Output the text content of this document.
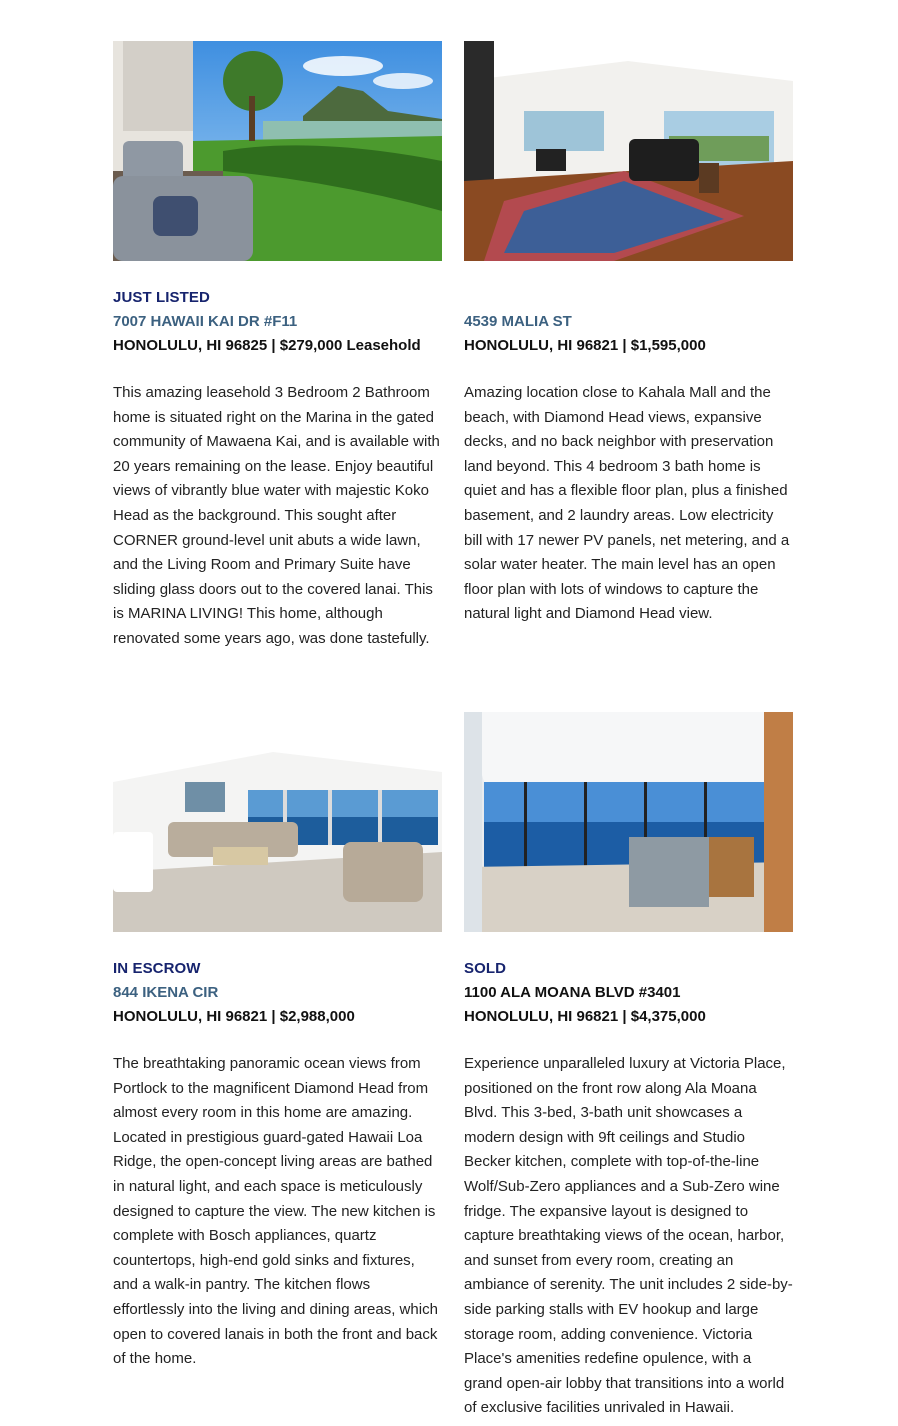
JUST LISTED
7007 HAWAII KAI DR #F11
HONOLULU, HI 96825 | $279,000 Leasehold
This amazing leasehold 3 Bedroom 2 Bathroom home is situated right on the Marina in the gated community of Mawaena Kai, and is available with 20 years remaining on the lease. Enjoy beautiful views of vibrantly blue water with majestic Koko Head as the background. This sought after CORNER ground-level unit abuts a wide lawn, and the Living Room and Primary Suite have sliding glass doors out to the covered lanai. This is MARINA LIVING! This home, although renovated some years ago, was done tastefully.

4539 MALIA ST
HONOLULU, HI 96821 | $1,595,000
Amazing location close to Kahala Mall and the beach, with Diamond Head views, expansive decks, and no back neighbor with preservation land beyond. This 4 bedroom 3 bath home is quiet and has a flexible floor plan, plus a finished basement, and 2 laundry areas. Low electricity bill with 17 newer PV panels, net metering, and a solar water heater. The main level has an open floor plan with lots of windows to capture the natural light and Diamond Head view.
IN ESCROW
844 IKENA CIR
HONOLULU, HI 96821 | $2,988,000
The breathtaking panoramic ocean views from Portlock to the magnificent Diamond Head from almost every room in this home are amazing. Located in prestigious guard-gated Hawaii Loa Ridge, the open-concept living areas are bathed in natural light, and each space is meticulously designed to capture the view. The new kitchen is complete with Bosch appliances, quartz countertops, high-end gold sinks and fixtures, and a walk-in pantry. The kitchen flows effortlessly into the living and dining areas, which open to covered lanais in both the front and back of the home.
SOLD
1100 ALA MOANA BLVD #3401
HONOLULU, HI 96821 | $4,375,000
Experience unparalleled luxury at Victoria Place, positioned on the front row along Ala Moana Blvd. This 3-bed, 3-bath unit showcases a modern design with 9ft ceilings and Studio Becker kitchen, complete with top-of-the-line Wolf/Sub-Zero appliances and a Sub-Zero wine fridge. The expansive layout is designed to capture breathtaking views of the ocean, harbor, and sunset from every room, creating an ambiance of serenity. The unit includes 2 side-by-side parking stalls with EV hookup and large storage room, adding convenience. Victoria Place's amenities redefine opulence, with a grand open-air lobby that transitions into a world of exclusive facilities unrivaled in Hawaii.
